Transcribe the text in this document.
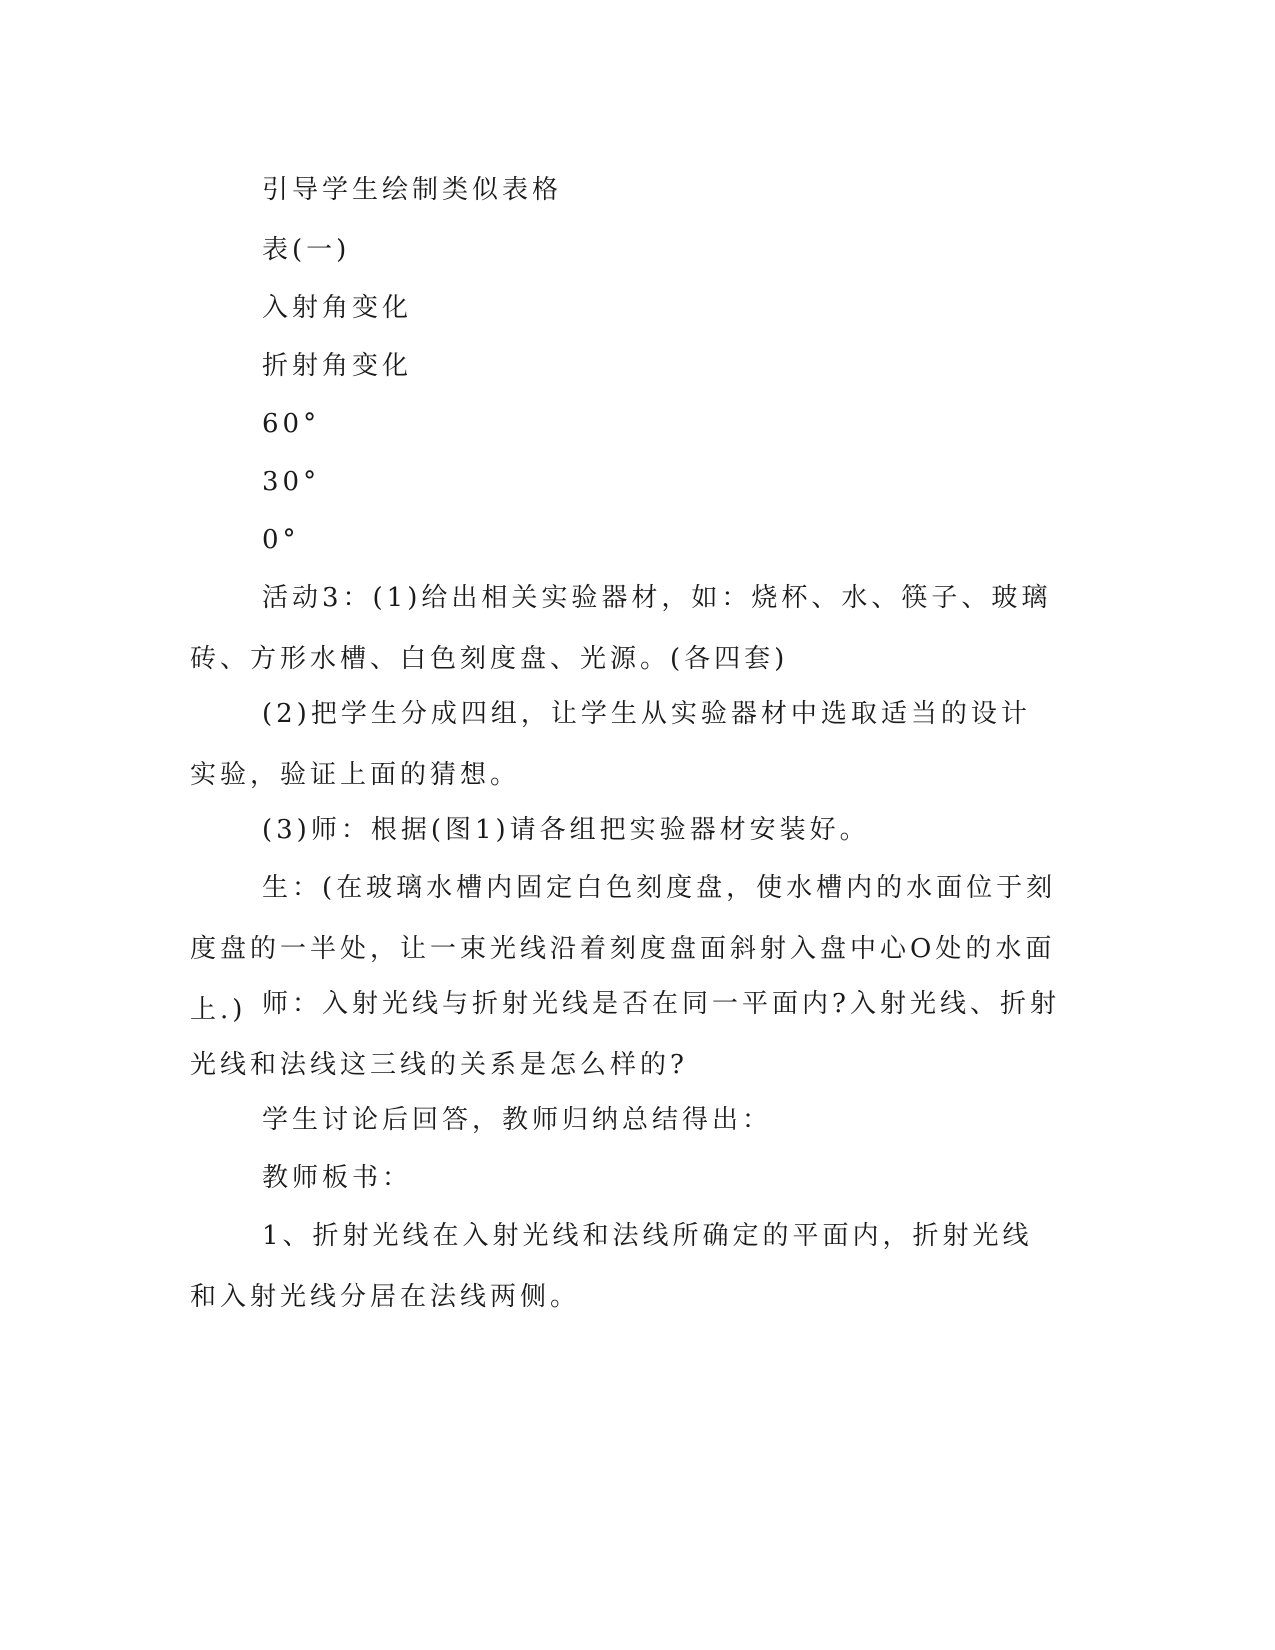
引导学生绘制类似表格

表(一)

入射角变化

折射角变化

60°

30°

0°

活动3：(1)给出相关实验器材，如：烧杯、水、筷子、玻璃砖、方形水槽、白色刻度盘、光源。(各四套)

(2)把学生分成四组，让学生从实验器材中选取适当的设计实验，验证上面的猜想。

(3)师：根据(图1)请各组把实验器材安装好。

生：(在玻璃水槽内固定白色刻度盘，使水槽内的水面位于刻度盘的一半处，让一束光线沿着刻度盘面斜射入盘中心O处的水面上.) 师：入射光线与折射光线是否在同一平面内?入射光线、折射光线和法线这三线的关系是怎么样的?

学生讨论后回答，教师归纳总结得出：

教师板书：

1、折射光线在入射光线和法线所确定的平面内，折射光线和入射光线分居在法线两侧。
